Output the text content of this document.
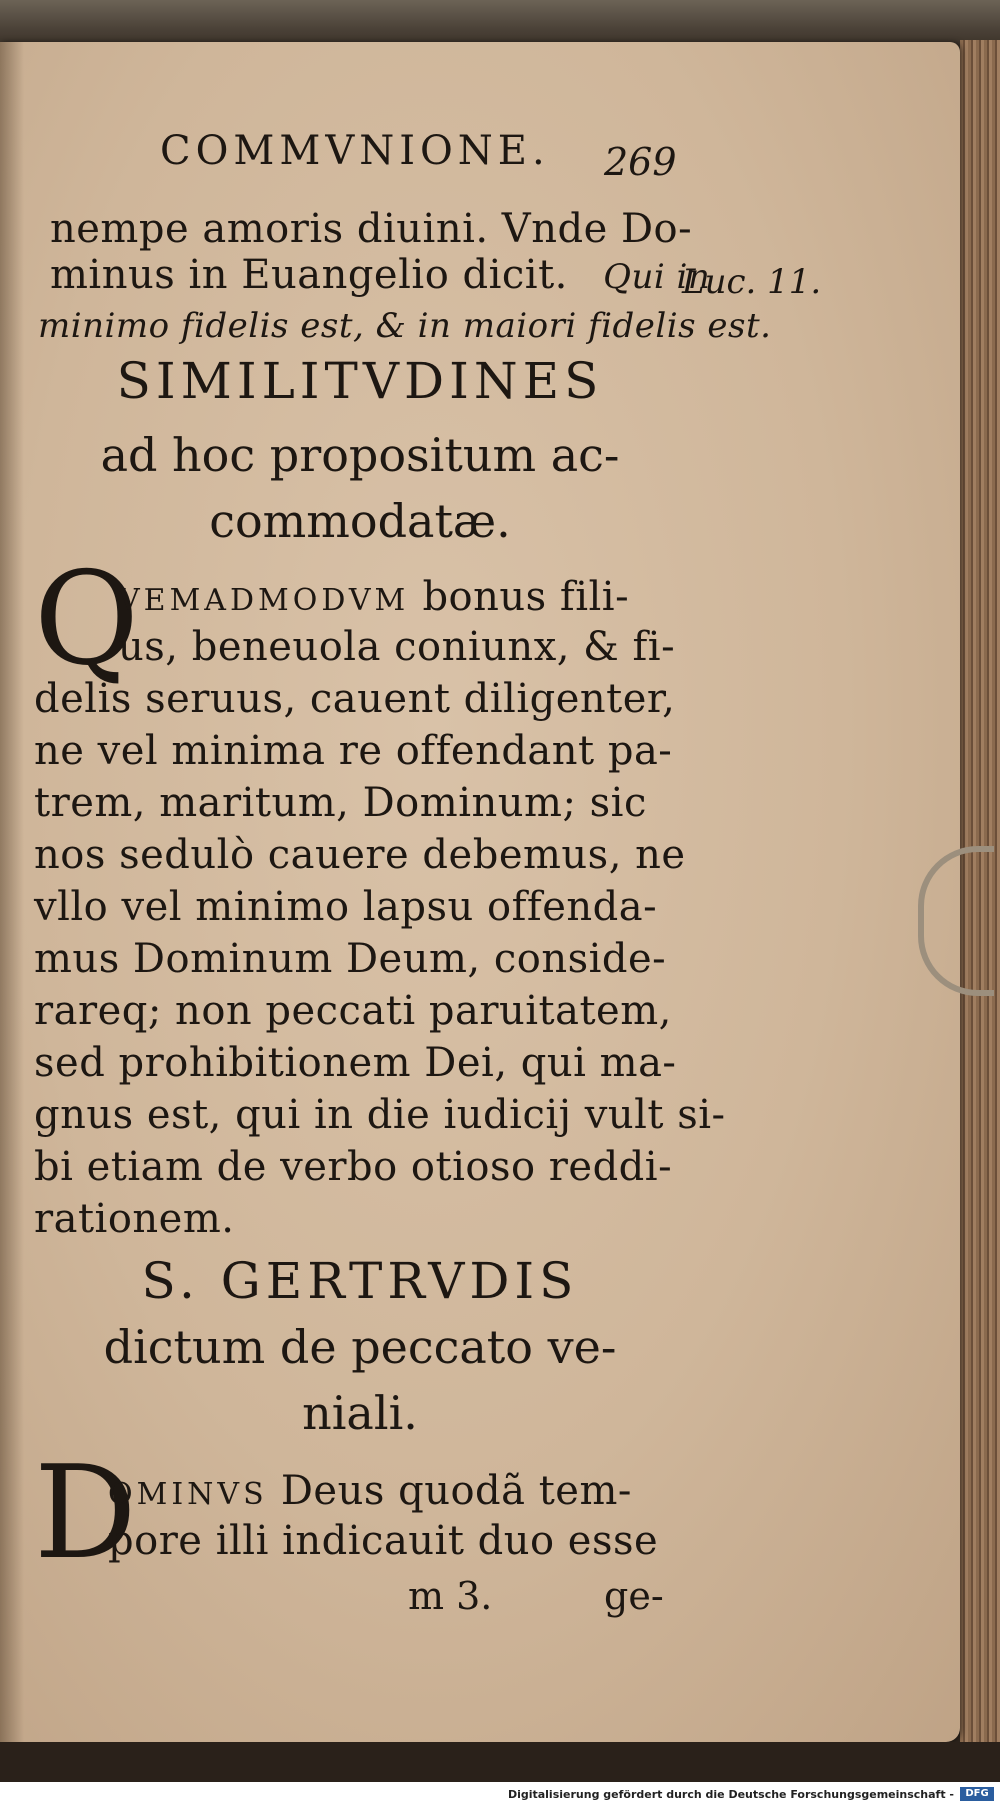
COMMVNIONE. 269
nempe amoris diuini. Vnde Do-
minus in Euangelio dicit. Qui in
minimo fidelis est, & in maiori fidelis est.
Luc. 11.
SIMILITVDINES
ad hoc propositum ac-
commodatæ.
Q
VEMADMODVM bonus fili-
us, beneuola coniunx, & fi-
delis seruus, cauent diligenter,
ne vel minima re offendant pa-
trem, maritum, Dominum; sic
nos sedulò cauere debemus, ne
vllo vel minimo lapsu offenda-
mus Dominum Deum, conside-
rareq; non peccati paruitatem,
sed prohibitionem Dei, qui ma-
gnus est, qui in die iudicij vult si-
bi etiam de verbo otioso reddi-
rationem.
S. GERTRVDIS
dictum de peccato ve-
niali.
D
OMINVS Deus quodã tem-
pore illi indicauit duo esse
m 3.	ge-
Digitalisierung gefördert durch die Deutsche Forschungsgemeinschaft -	DFG
